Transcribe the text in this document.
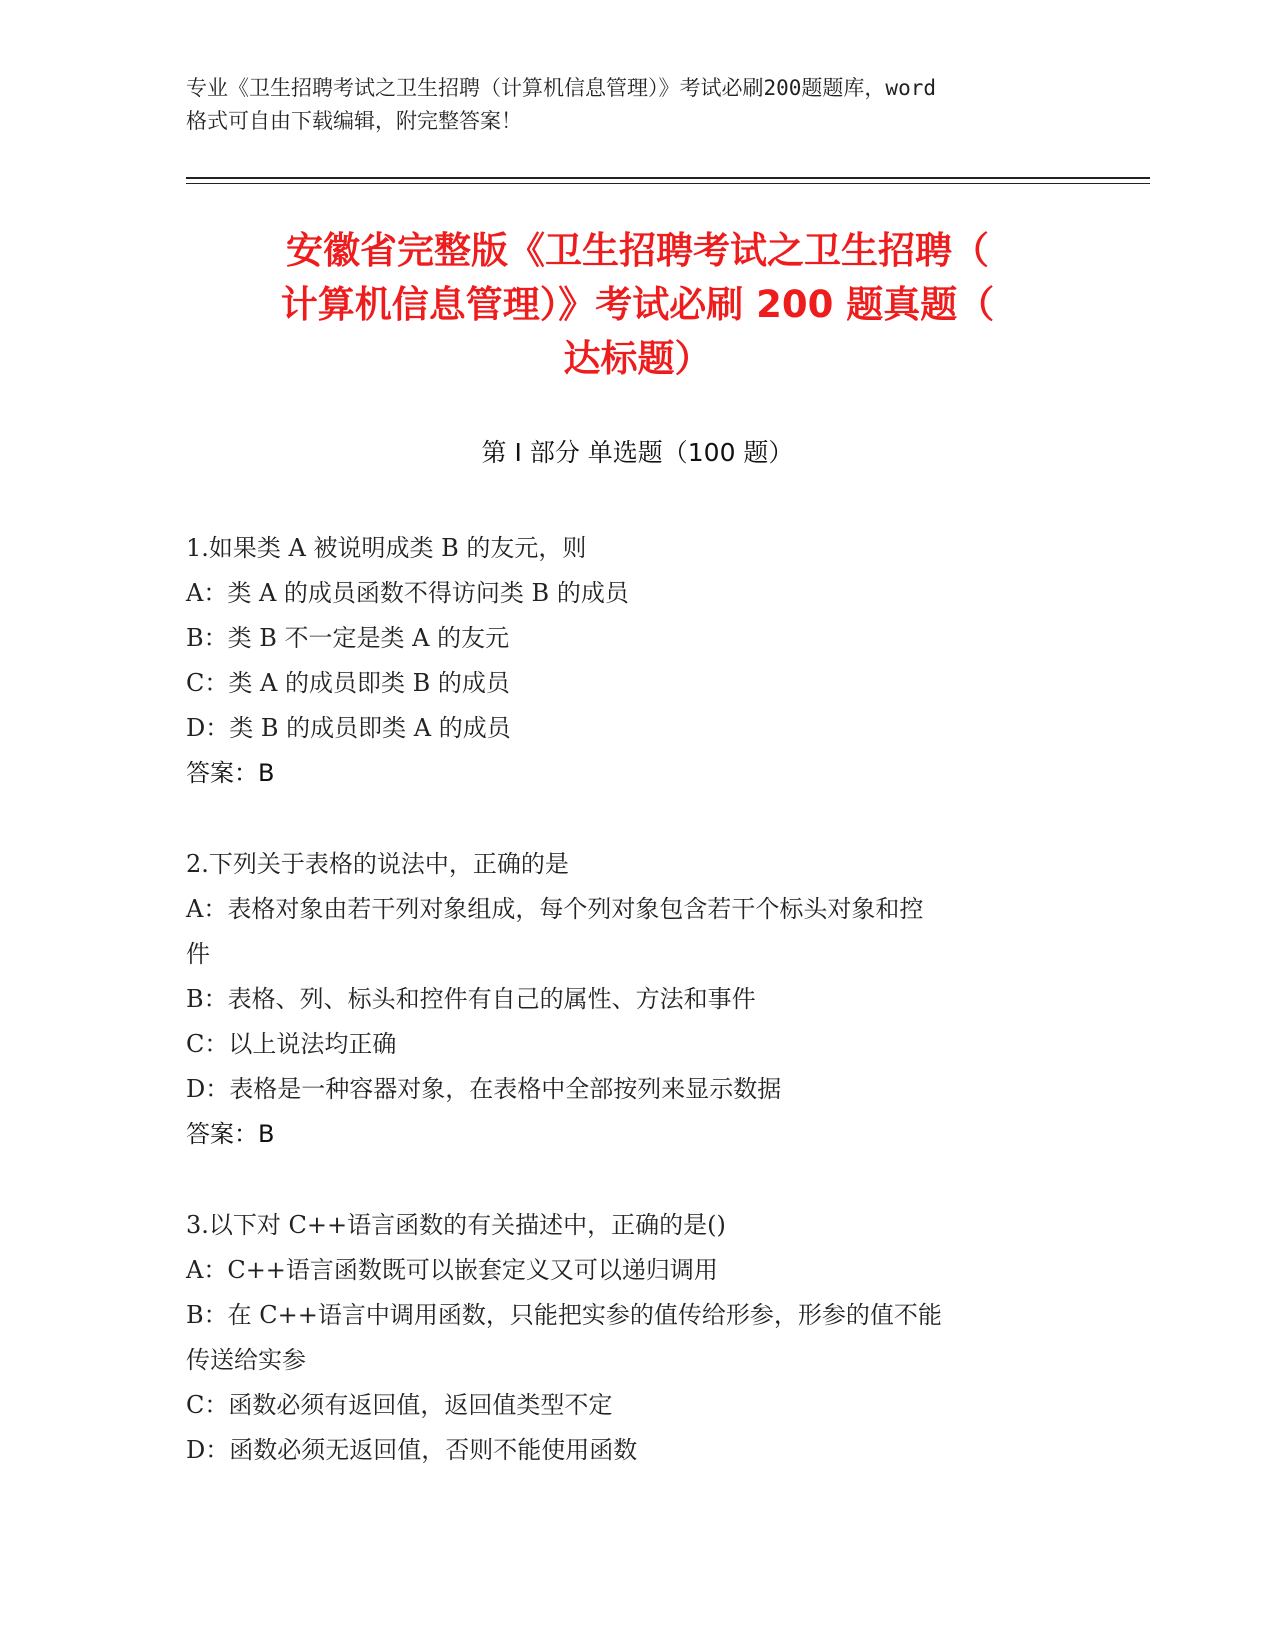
专业《卫生招聘考试之卫生招聘（计算机信息管理）》考试必刷200题题库，word
格式可自由下载编辑，附完整答案！
安徽省完整版《卫生招聘考试之卫生招聘（
计算机信息管理）》考试必刷 200 题真题（
达标题）
第 I 部分 单选题（100 题）
1.如果类 A 被说明成类 B 的友元，则
A：类 A 的成员函数不得访问类 B 的成员
B：类 B 不一定是类 A 的友元
C：类 A 的成员即类 B 的成员
D：类 B 的成员即类 A 的成员
答案：B
2.下列关于表格的说法中，正确的是
A：表格对象由若干列对象组成，每个列对象包含若干个标头对象和控
件
B：表格、列、标头和控件有自己的属性、方法和事件
C：以上说法均正确
D：表格是一种容器对象，在表格中全部按列来显示数据
答案：B
3.以下对 C++语言函数的有关描述中，正确的是()
A：C++语言函数既可以嵌套定义又可以递归调用
B：在 C++语言中调用函数，只能把实参的值传给形参，形参的值不能
传送给实参
C：函数必须有返回值，返回值类型不定
D：函数必须无返回值，否则不能使用函数
